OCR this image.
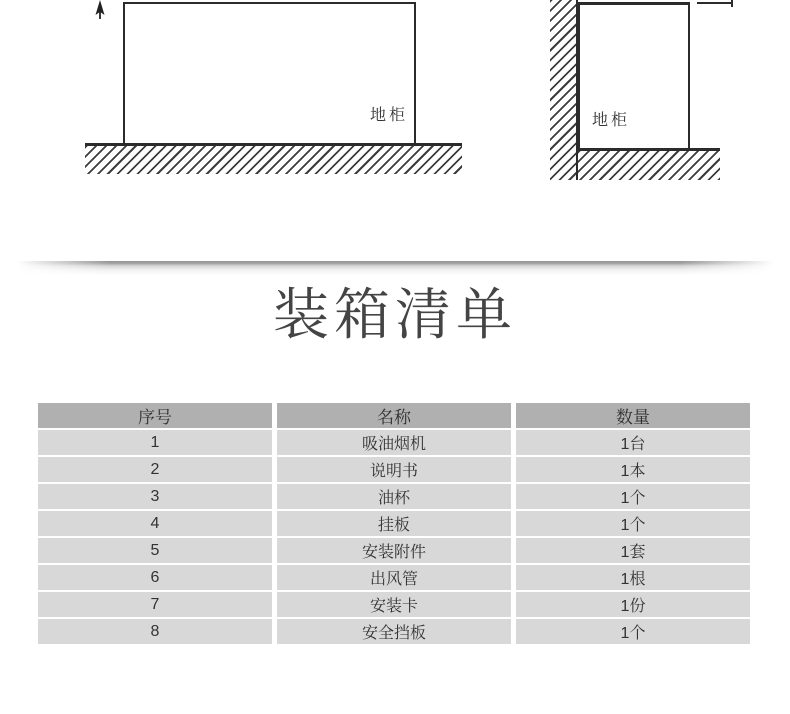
地柜	地柜
装箱清单
序号	名称	数量
1	吸油烟机	1台
2	说明书	1本
3	油杯	1个
4	挂板	1个
5	安装附件	1套
6	出风管	1根
7	安装卡	1份
8	安全挡板	1个
